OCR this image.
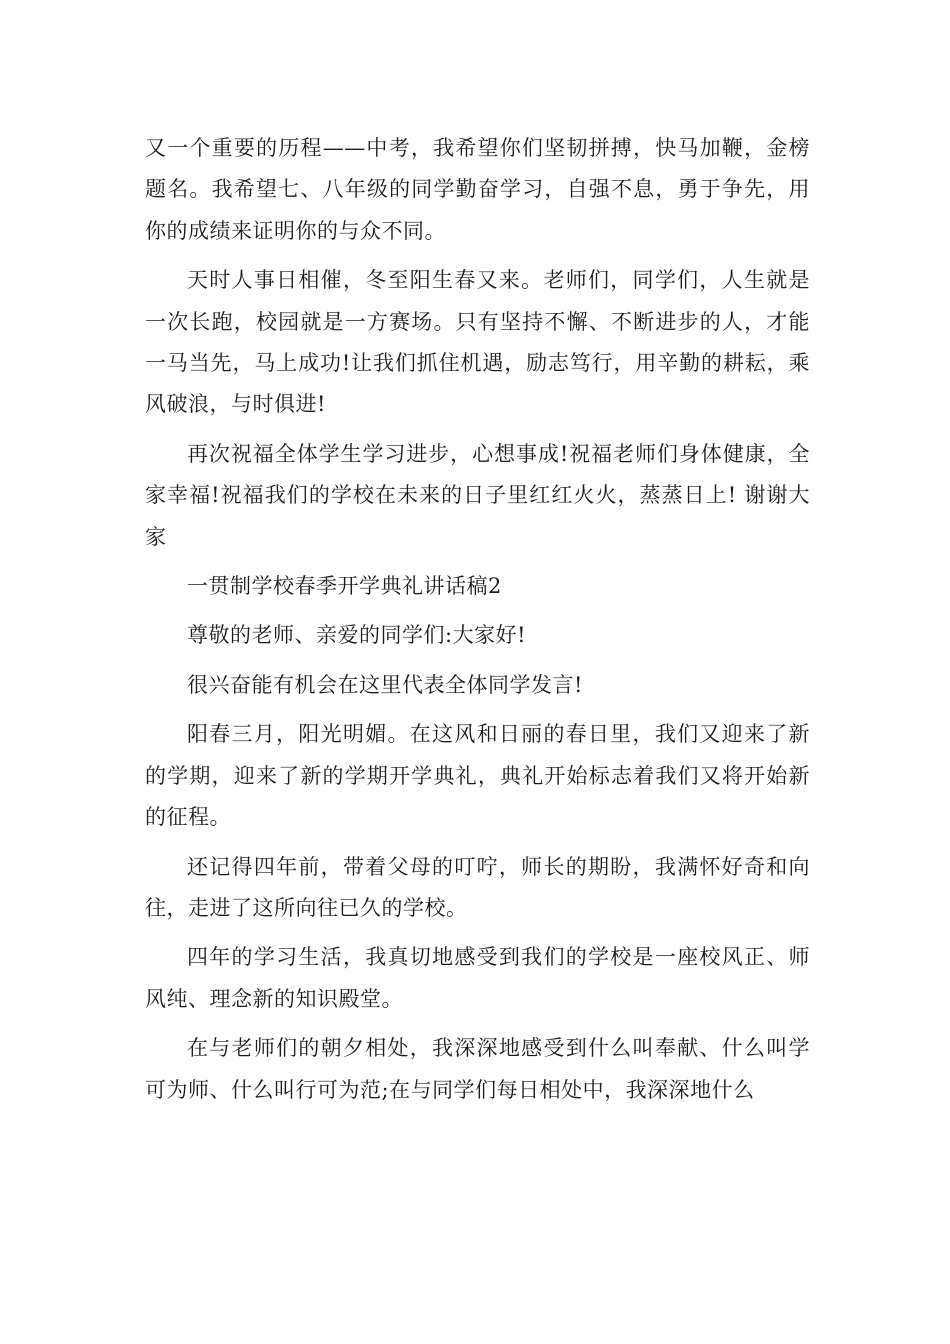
又一个重要的历程——中考，我希望你们坚韧拼搏，快马加鞭，金榜题名。我希望七、八年级的同学勤奋学习，自强不息，勇于争先，用你的成绩来证明你的与众不同。

天时人事日相催，冬至阳生春又来。老师们，同学们，人生就是一次长跑，校园就是一方赛场。只有坚持不懈、不断进步的人，才能一马当先，马上成功!让我们抓住机遇，励志笃行，用辛勤的耕耘，乘风破浪，与时俱进!

再次祝福全体学生学习进步，心想事成!祝福老师们身体健康，全家幸福!祝福我们的学校在未来的日子里红红火火，蒸蒸日上! 谢谢大家

一贯制学校春季开学典礼讲话稿2

尊敬的老师、亲爱的同学们:大家好!

很兴奋能有机会在这里代表全体同学发言!

阳春三月，阳光明媚。在这风和日丽的春日里，我们又迎来了新的学期，迎来了新的学期开学典礼，典礼开始标志着我们又将开始新的征程。

还记得四年前，带着父母的叮咛，师长的期盼，我满怀好奇和向往，走进了这所向往已久的学校。

四年的学习生活，我真切地感受到我们的学校是一座校风正、师风纯、理念新的知识殿堂。

在与老师们的朝夕相处，我深深地感受到什么叫奉献、什么叫学可为师、什么叫行可为范;在与同学们每日相处中，我深深地什么
